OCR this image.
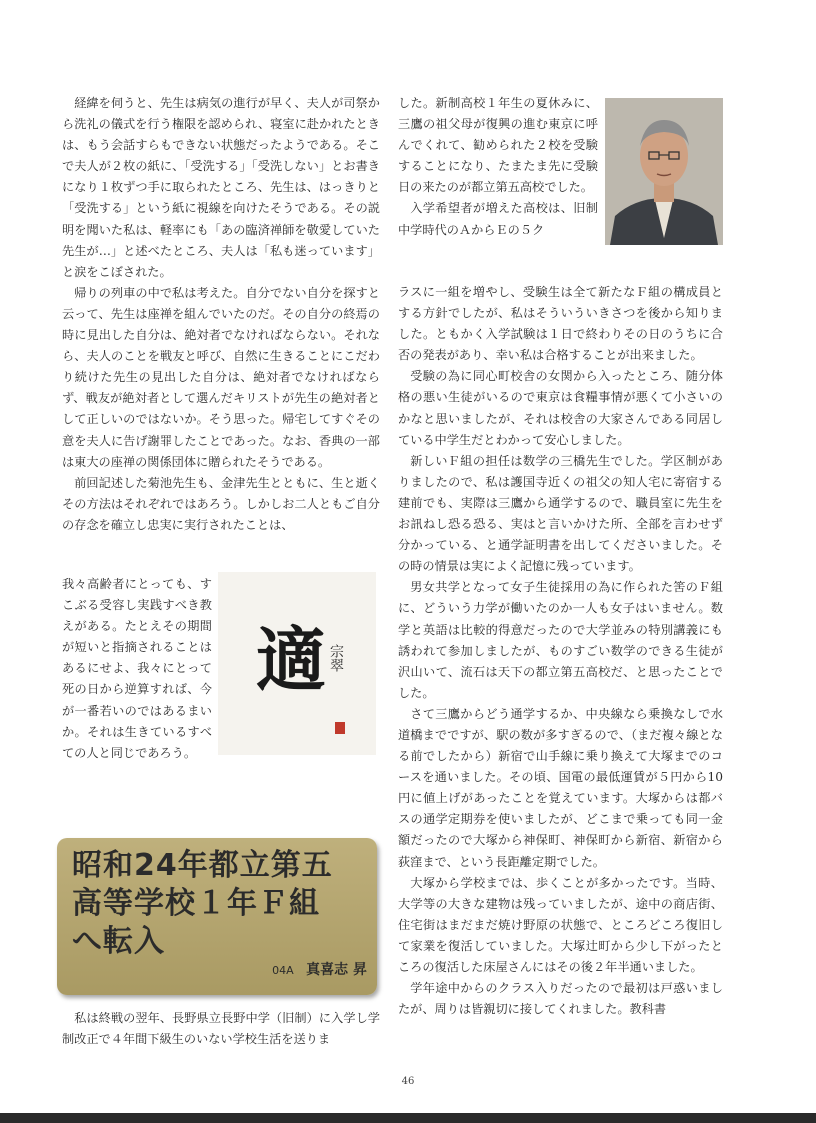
経緯を伺うと、先生は病気の進行が早く、夫人が司祭から洗礼の儀式を行う権限を認められ、寝室に赴かれたときは、もう会話すらもできない状態だったようである。そこで夫人が２枚の紙に、「受洗する」「受洗しない」とお書きになり１枚ずつ手に取られたところ、先生は、はっきりと「受洗する」という紙に視線を向けたそうである。その説明を聞いた私は、軽率にも「あの臨済禅師を敬愛していた先生が…」と述べたところ、夫人は「私も迷っています」と涙をこぼされた。

帰りの列車の中で私は考えた。自分でない自分を探すと云って、先生は座禅を組んでいたのだ。その自分の終焉の時に見出した自分は、絶対者でなければならない。それなら、夫人のことを戦友と呼び、自然に生きることにこだわり続けた先生の見出した自分は、絶対者でなければならず、戦友が絶対者として選んだキリストが先生の絶対者として正しいのではないか。そう思った。帰宅してすぐその意を夫人に告げ謝罪したことであった。なお、香典の一部は東大の座禅の関係団体に贈られたそうである。

前回記述した菊池先生も、金津先生とともに、生と逝くその方法はそれぞれではあろう。しかしお二人ともご自分の存念を確立し忠実に実行されたことは、

我々高齢者にとっても、すこぶる受容し実践すべき教えがある。たとえその期間が短いと指摘されることはあるにせよ、我々にとって死の日から逆算すれば、今が一番若いのではあるまいか。それは生きているすべての人と同じであろう。

適 宗翠
昭和24年都立第五
高等学校１年Ｆ組
へ転入
04A 真喜志 昇

私は終戦の翌年、長野県立長野中学（旧制）に入学し学制改正で４年間下級生のいない学校生活を送りま

した。新制高校１年生の夏休みに、三鷹の祖父母が復興の進む東京に呼んでくれて、勧められた２校を受験することになり、たまたま先に受験日の来たのが都立第五高校でした。

入学希望者が増えた高校は、旧制中学時代のＡからＥの５ク

ラスに一組を増やし、受験生は全て新たなＦ組の構成員とする方針でしたが、私はそういういきさつを後から知りました。ともかく入学試験は１日で終わりその日のうちに合否の発表があり、幸い私は合格することが出来ました。

受験の為に同心町校舎の女関から入ったところ、随分体格の悪い生徒がいるので東京は食糧事情が悪くて小さいのかなと思いましたが、それは校舎の大家さんである同居している中学生だとわかって安心しました。

新しいＦ組の担任は数学の三橋先生でした。学区制がありましたので、私は護国寺近くの祖父の知人宅に寄宿する建前でも、実際は三鷹から通学するので、職員室に先生をお訊ねし恐る恐る、実はと言いかけた所、全部を言わせず分かっている、と通学証明書を出してくださいました。その時の情景は実によく記憶に残っています。

男女共学となって女子生徒採用の為に作られた筈のＦ組に、どういう力学が働いたのか一人も女子はいません。数学と英語は比較的得意だったので大学並みの特別講義にも誘われて参加しましたが、ものすごい数学のできる生徒が沢山いて、流石は天下の都立第五高校だ、と思ったことでした。

さて三鷹からどう通学するか、中央線なら乗換なしで水道橋までですが、駅の数が多すぎるので、（まだ複々線となる前でしたから）新宿で山手線に乗り換えて大塚までのコースを通いました。その頃、国電の最低運賃が５円から10円に値上げがあったことを覚えています。大塚からは都バスの通学定期券を使いましたが、どこまで乗っても同一金額だったので大塚から神保町、神保町から新宿、新宿から荻窪まで、という長距離定期でした。

大塚から学校までは、歩くことが多かったです。当時、大学等の大きな建物は残っていましたが、途中の商店街、住宅街はまだまだ焼け野原の状態で、ところどころ復旧して家業を復活していました。大塚辻町から少し下がったところの復活した床屋さんにはその後２年半通いました。

学年途中からのクラス入りだったので最初は戸惑いましたが、周りは皆親切に接してくれました。教科書

46
